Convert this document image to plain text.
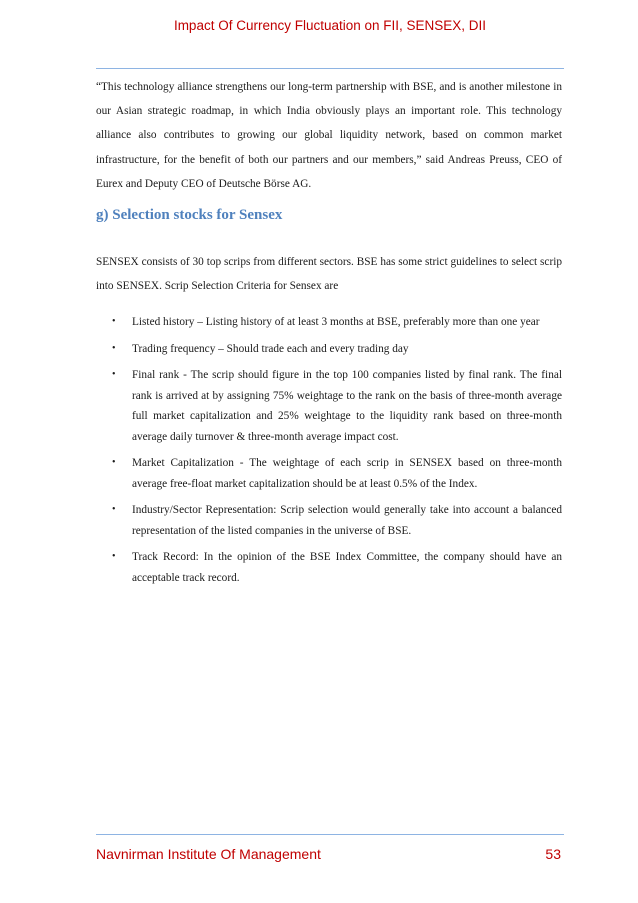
Impact Of Currency Fluctuation on FII, SENSEX, DII

“This technology alliance strengthens our long-term partnership with BSE, and is another milestone in our Asian strategic roadmap, in which India obviously plays an important role. This technology alliance also contributes to growing our global liquidity network, based on common market infrastructure, for the benefit of both our partners and our members,” said Andreas Preuss, CEO of Eurex and Deputy CEO of Deutsche Börse AG.

g) Selection stocks for Sensex

SENSEX consists of 30 top scrips from different sectors. BSE has some strict guidelines to select scrip into SENSEX. Scrip Selection Criteria for Sensex are

• Listed history – Listing history of at least 3 months at BSE, preferably more than one year
• Trading frequency – Should trade each and every trading day
• Final rank - The scrip should figure in the top 100 companies listed by final rank. The final rank is arrived at by assigning 75% weightage to the rank on the basis of three-month average full market capitalization and 25% weightage to the liquidity rank based on three-month average daily turnover & three-month average impact cost.
• Market Capitalization - The weightage of each scrip in SENSEX based on three-month average free-float market capitalization should be at least 0.5% of the Index.
• Industry/Sector Representation: Scrip selection would generally take into account a balanced representation of the listed companies in the universe of BSE.
• Track Record: In the opinion of the BSE Index Committee, the company should have an acceptable track record.
Navnirman Institute Of Management	53
